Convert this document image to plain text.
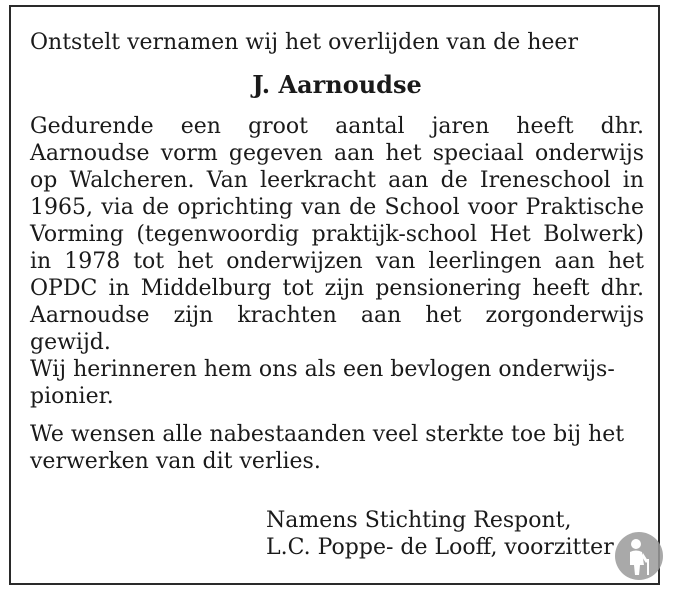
Ontstelt vernamen wij het overlijden van de heer

J. Aarnoudse

Gedurende een groot aantal jaren heeft dhr. Aarnoudse vorm gegeven aan het speciaal onderwijs op Walcheren. Van leerkracht aan de Ireneschool in 1965, via de oprichting van de School voor Praktische Vorming (tegenwoordig praktijk-school Het Bolwerk) in 1978 tot het onderwijzen van leerlingen aan het OPDC in Middelburg tot zijn pensionering heeft dhr. Aarnoudse zijn krachten aan het zorgonderwijs gewijd.

Wij herinneren hem ons als een bevlogen onderwijs-pionier.

We wensen alle nabestaanden veel sterkte toe bij het verwerken van dit verlies.

Namens Stichting Respont,
L.C. Poppe- de Looff, voorzitter
